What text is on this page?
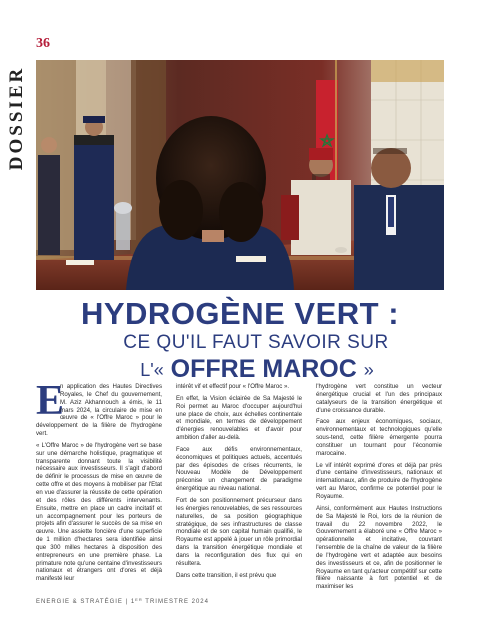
36
DOSSIER
HYDROGÈNE VERT :
CE QU'IL FAUT SAVOIR SUR
L'« OFFRE MAROC »

E
n application des Hautes Directives Royales, le Chef du gouvernement, M. Aziz Akhannouch a émis, le 11 mars 2024, la circulaire de mise en œuvre de « l'Offre Maroc » pour le développement de la filière de l'hydrogène vert.

« L'Offre Maroc » de l'hydrogène vert se base sur une démarche holistique, pragmatique et transparente donnant toute la visibilité nécessaire aux investisseurs. Il s'agit d'abord de définir le processus de mise en œuvre de cette offre et des moyens à mobiliser par l'Etat en vue d'assurer la réussite de cette opération et des rôles des différents intervenants. Ensuite, mettre en place un cadre incitatif et un accompagnement pour les porteurs de projets afin d'assurer le succès de sa mise en œuvre. Une assiette foncière d'une superficie de 1 million d'hectares sera identifiée ainsi que 300 milles hectares à disposition des entrepreneurs en une première phase. La primature note qu'une centaine d'investisseurs nationaux et étrangers ont d'ores et déjà manifesté leur

intérêt vif et effectif pour « l'Offre Maroc ».

En effet, la Vision éclairée de Sa Majesté le Roi permet au Maroc d'occuper aujourd'hui une place de choix, aux échelles continentale et mondiale, en termes de développement d'énergies renouvelables et d'avoir pour ambition d'aller au-delà.

Face aux défis environnementaux, économiques et politiques actuels, accentués par des épisodes de crises récurrents, le Nouveau Modèle de Développement préconise un changement de paradigme énergétique au niveau national.

Fort de son positionnement précurseur dans les énergies renouvelables, de ses ressources naturelles, de sa position géographique stratégique, de ses infrastructures de classe mondiale et de son capital humain qualifié, le Royaume est appelé à jouer un rôle primordial dans la transition énergétique mondiale et dans la reconfiguration des flux qui en résultera.

Dans cette transition, il est prévu que

l'hydrogène vert constitue un vecteur énergétique crucial et l'un des principaux catalyseurs de la transition énergétique et d'une croissance durable.

Face aux enjeux économiques, sociaux, environnementaux et technologiques qu'elle sous-tend, cette filière émergente pourra constituer un tournant pour l'économie marocaine.

Le vif intérêt exprimé d'ores et déjà par près d'une centaine d'investisseurs, nationaux et internationaux, afin de produire de l'hydrogène vert au Maroc, confirme ce potentiel pour le Royaume.

Ainsi, conformément aux Hautes Instructions de Sa Majesté le Roi, lors de la réunion de travail du 22 novembre 2022, le Gouvernement a élaboré une « Offre Maroc » opérationnelle et incitative, couvrant l'ensemble de la chaîne de valeur de la filière de l'hydrogène vert et adaptée aux besoins des investisseurs et ce, afin de positionner le Royaume en tant qu'acteur compétitif sur cette filière naissante à fort potentiel et de maximiser les

ENERGIE & STRATÉGIE | 1ER TRIMESTRE 2024
